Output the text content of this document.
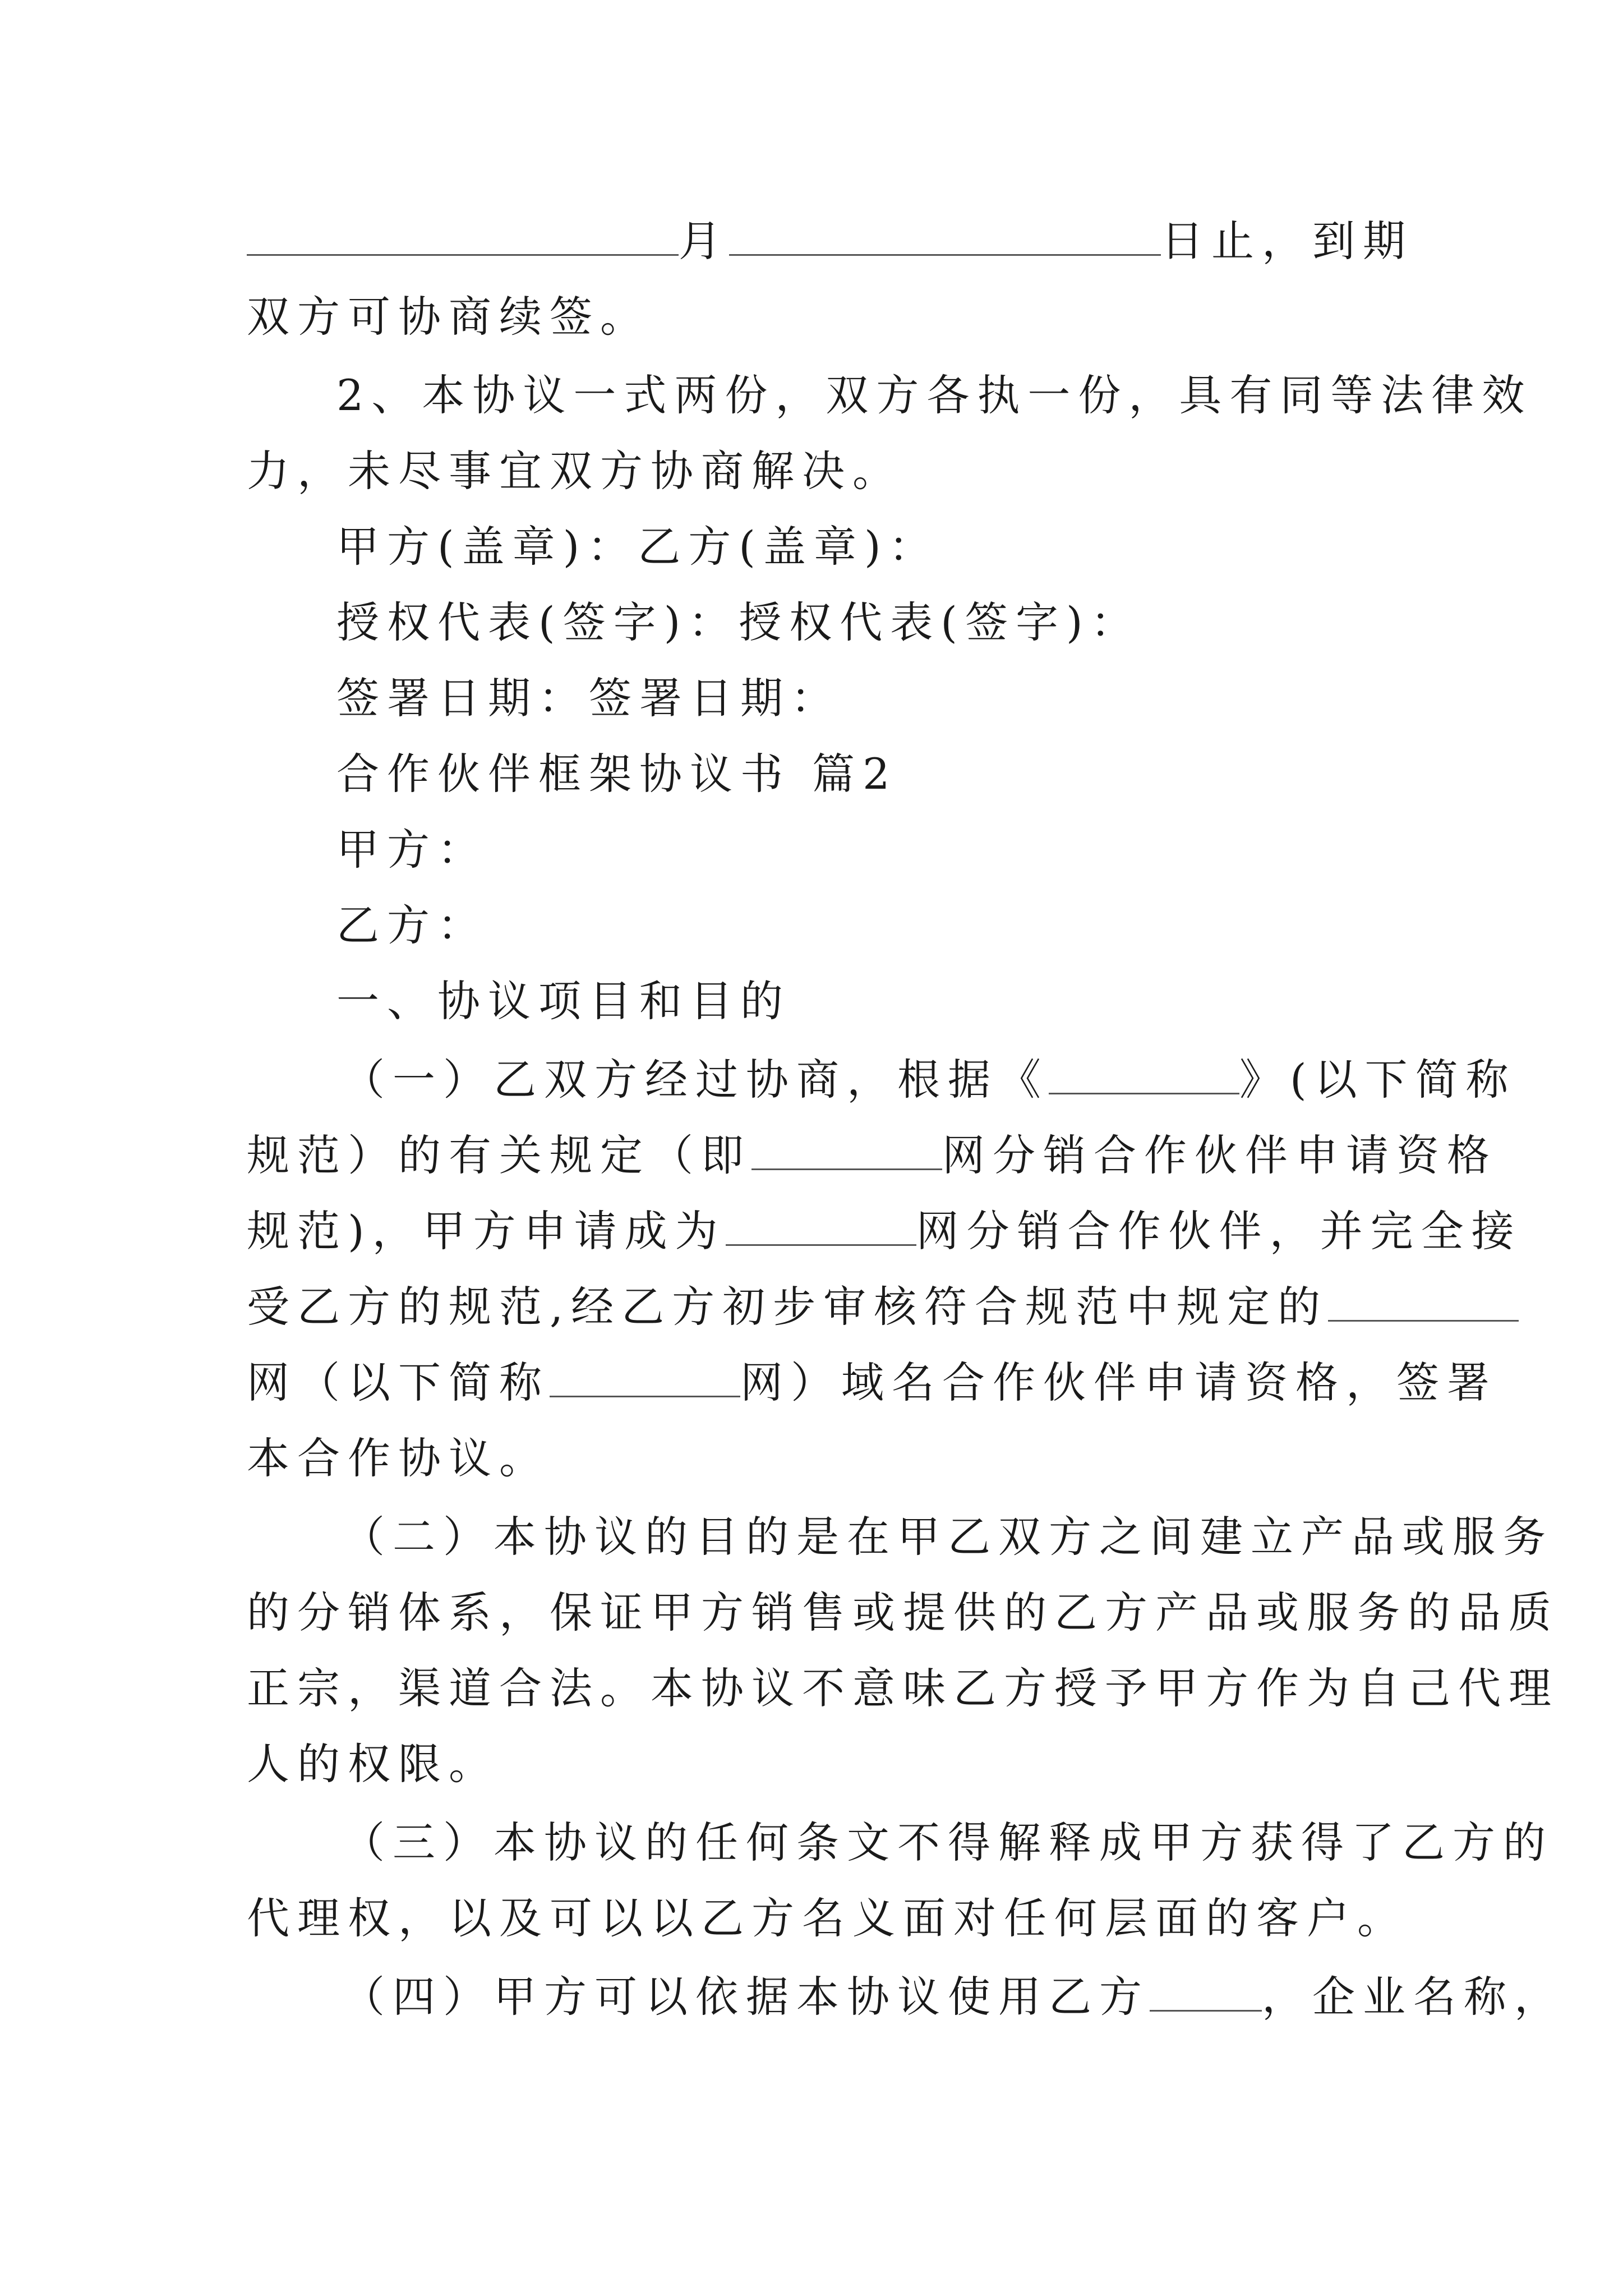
月	日止，到期
双方可协商续签。
2、本协议一式两份，双方各执一份，具有同等法律效
力，未尽事宜双方协商解决。
甲方(盖章)：乙方(盖章)：
授权代表(签字)：授权代表(签字)：
签署日期：签署日期：
合作伙伴框架协议书 篇2
甲方：
乙方：
一、协议项目和目的
（一）乙双方经过协商，根据《	》(以下简称
规范）的有关规定（即	网分销合作伙伴申请资格
规范)，甲方申请成为	网分销合作伙伴，并完全接
受乙方的规范,经乙方初步审核符合规范中规定的
网（以下简称	网）域名合作伙伴申请资格，签署
本合作协议。
（二）本协议的目的是在甲乙双方之间建立产品或服务
的分销体系，保证甲方销售或提供的乙方产品或服务的品质
正宗，渠道合法。本协议不意味乙方授予甲方作为自己代理
人的权限。
（三）本协议的任何条文不得解释成甲方获得了乙方的
代理权，以及可以以乙方名义面对任何层面的客户。
（四）甲方可以依据本协议使用乙方	，企业名称，
